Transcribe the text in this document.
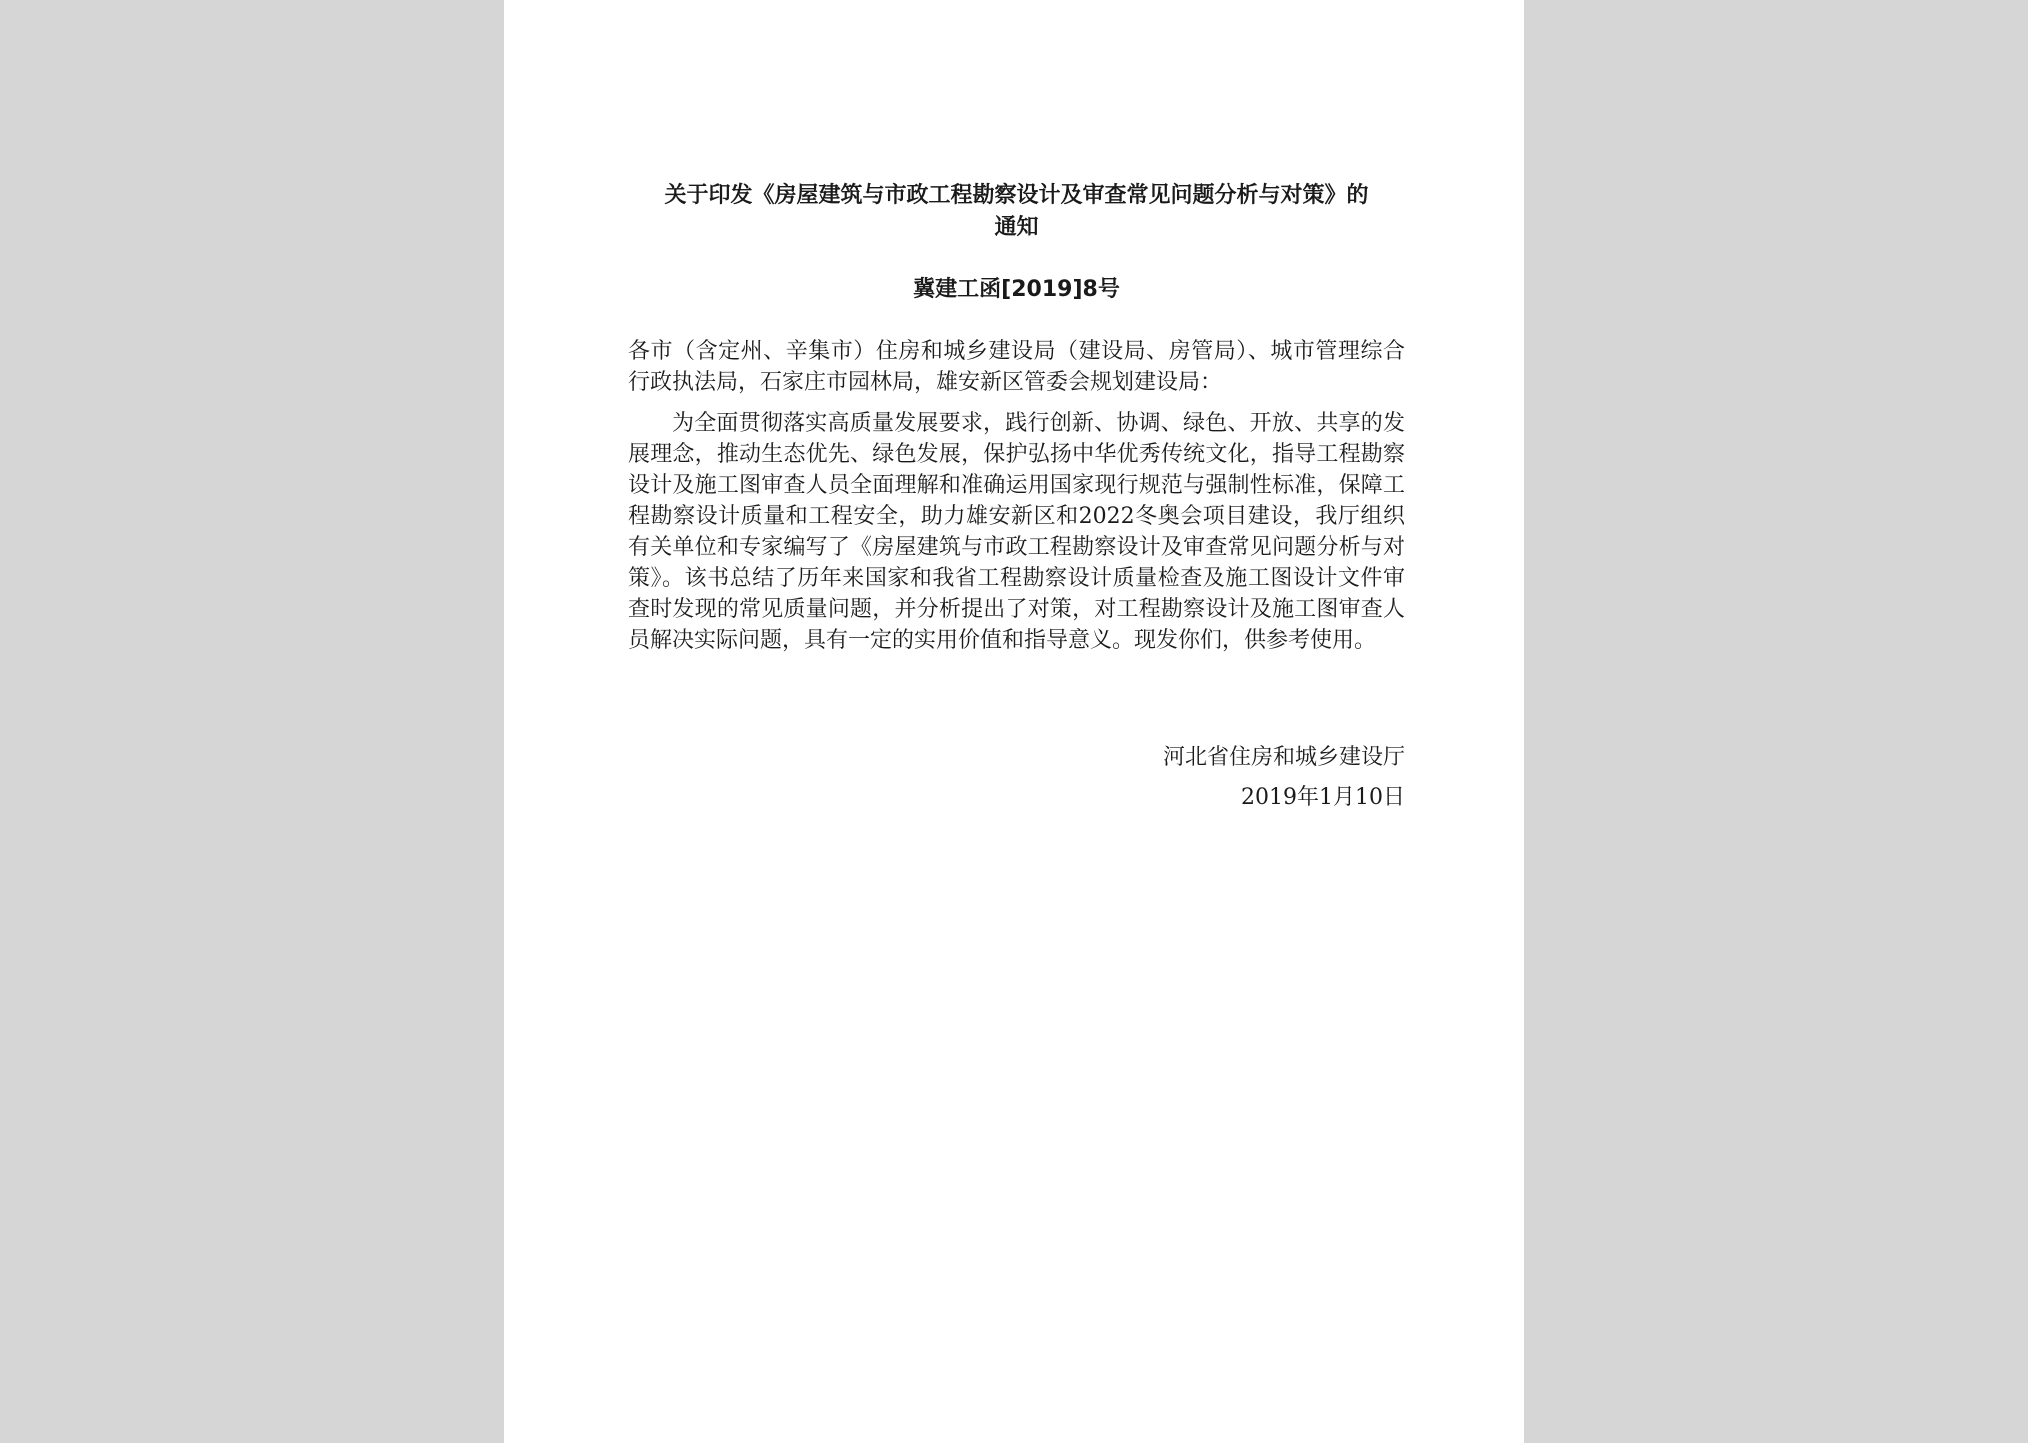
关于印发《房屋建筑与市政工程勘察设计及审查常见问题分析与对策》的
通知

冀建工函[2019]8号

各市（含定州、辛集市）住房和城乡建设局（建设局、房管局）、城市管理综合行政执法局，石家庄市园林局，雄安新区管委会规划建设局：

为全面贯彻落实高质量发展要求，践行创新、协调、绿色、开放、共享的发展理念，推动生态优先、绿色发展，保护弘扬中华优秀传统文化，指导工程勘察设计及施工图审查人员全面理解和准确运用国家现行规范与强制性标准，保障工程勘察设计质量和工程安全，助力雄安新区和2022冬奥会项目建设，我厅组织有关单位和专家编写了《房屋建筑与市政工程勘察设计及审查常见问题分析与对策》。该书总结了历年来国家和我省工程勘察设计质量检查及施工图设计文件审查时发现的常见质量问题，并分析提出了对策，对工程勘察设计及施工图审查人员解决实际问题，具有一定的实用价值和指导意义。现发你们，供参考使用。

河北省住房和城乡建设厅

2019年1月10日
